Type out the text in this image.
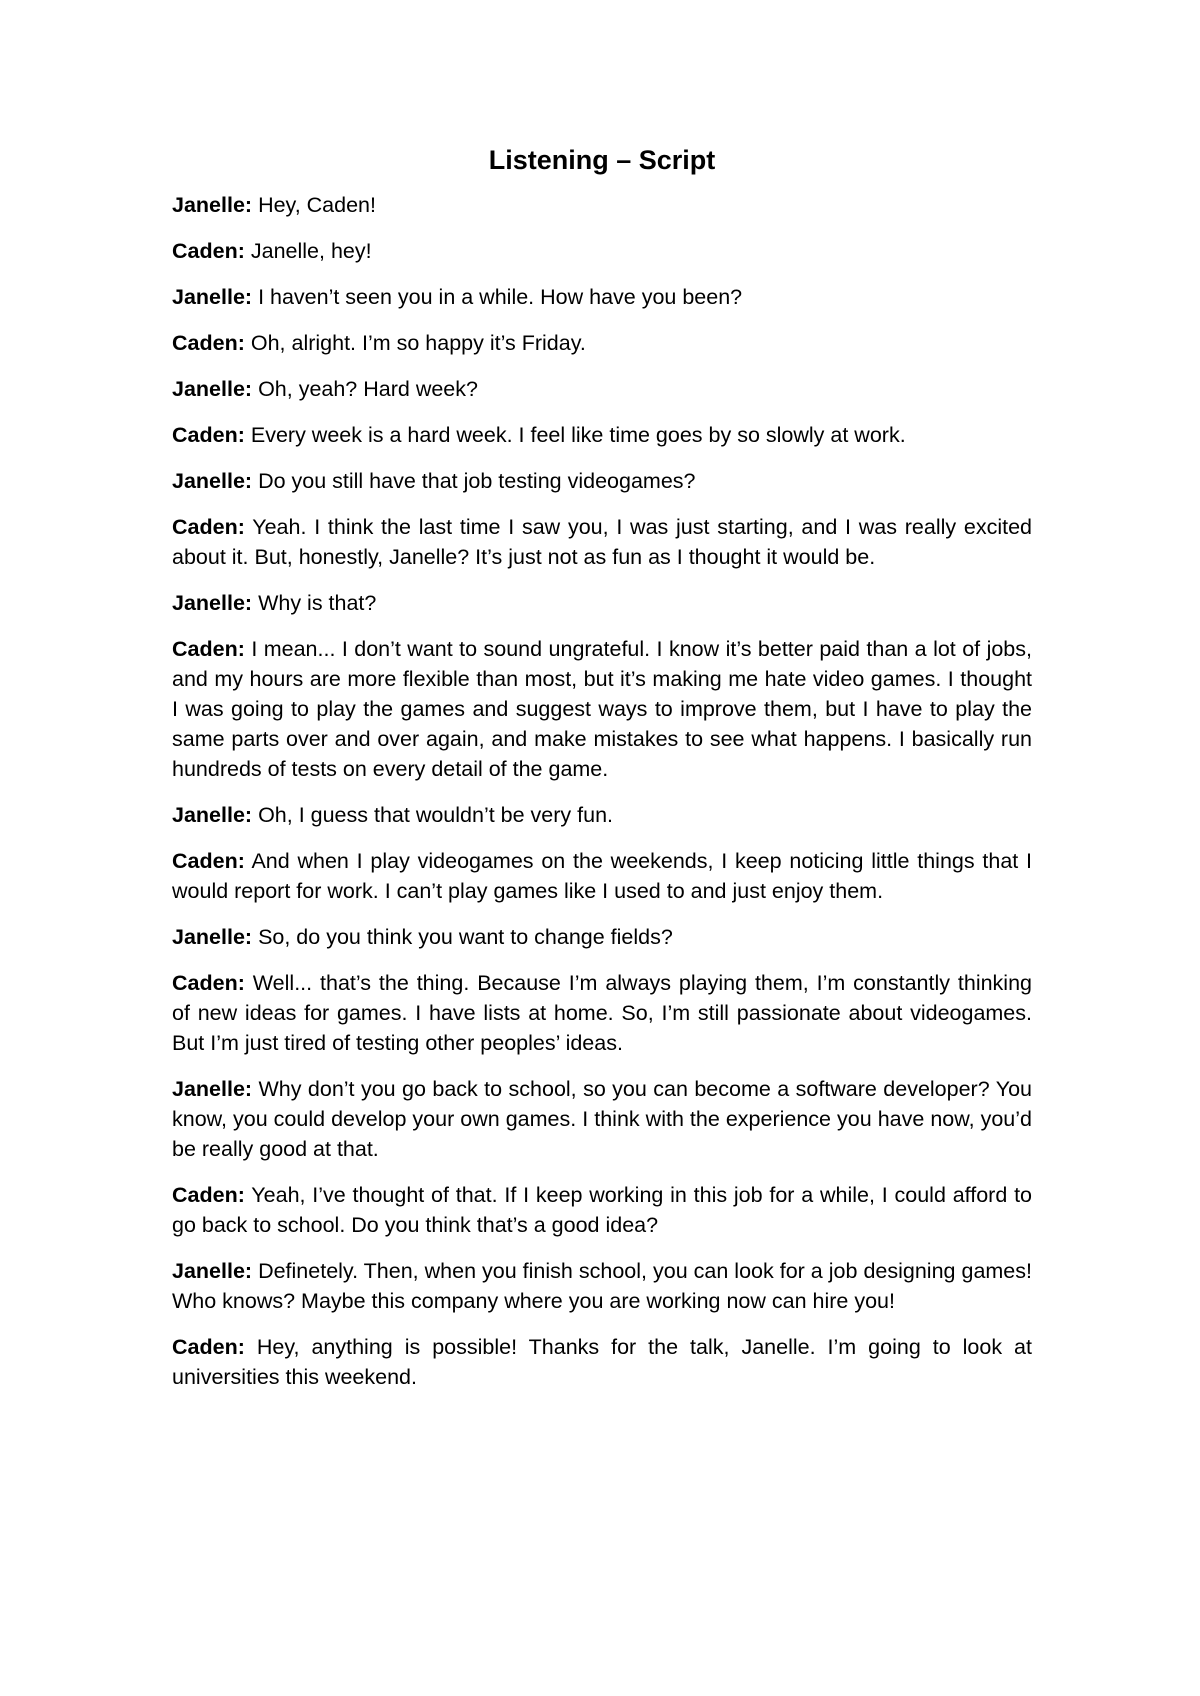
Listening – Script

Janelle: Hey, Caden!

Caden: Janelle, hey!

Janelle: I haven’t seen you in a while. How have you been?

Caden: Oh, alright. I’m so happy it’s Friday.

Janelle: Oh, yeah? Hard week?

Caden: Every week is a hard week. I feel like time goes by so slowly at work.

Janelle: Do you still have that job testing videogames?

Caden: Yeah. I think the last time I saw you, I was just starting, and I was really excited about it. But, honestly, Janelle? It’s just not as fun as I thought it would be.

Janelle: Why is that?

Caden: I mean... I don’t want to sound ungrateful. I know it’s better paid than a lot of jobs, and my hours are more flexible than most, but it’s making me hate video games. I thought I was going to play the games and suggest ways to improve them, but I have to play the same parts over and over again, and make mistakes to see what happens. I basically run hundreds of tests on every detail of the game.

Janelle: Oh, I guess that wouldn’t be very fun.

Caden: And when I play videogames on the weekends, I keep noticing little things that I would report for work. I can’t play games like I used to and just enjoy them.

Janelle: So, do you think you want to change fields?

Caden: Well... that’s the thing. Because I’m always playing them, I’m constantly thinking of new ideas for games. I have lists at home. So, I’m still passionate about videogames. But I’m just tired of testing other peoples’ ideas.

Janelle: Why don’t you go back to school, so you can become a software developer? You know, you could develop your own games. I think with the experience you have now, you’d be really good at that.

Caden: Yeah, I’ve thought of that. If I keep working in this job for a while, I could afford to go back to school. Do you think that’s a good idea?

Janelle: Definetely. Then, when you finish school, you can look for a job designing games! Who knows? Maybe this company where you are working now can hire you!

Caden: Hey, anything is possible! Thanks for the talk, Janelle. I’m going to look at universities this weekend.
